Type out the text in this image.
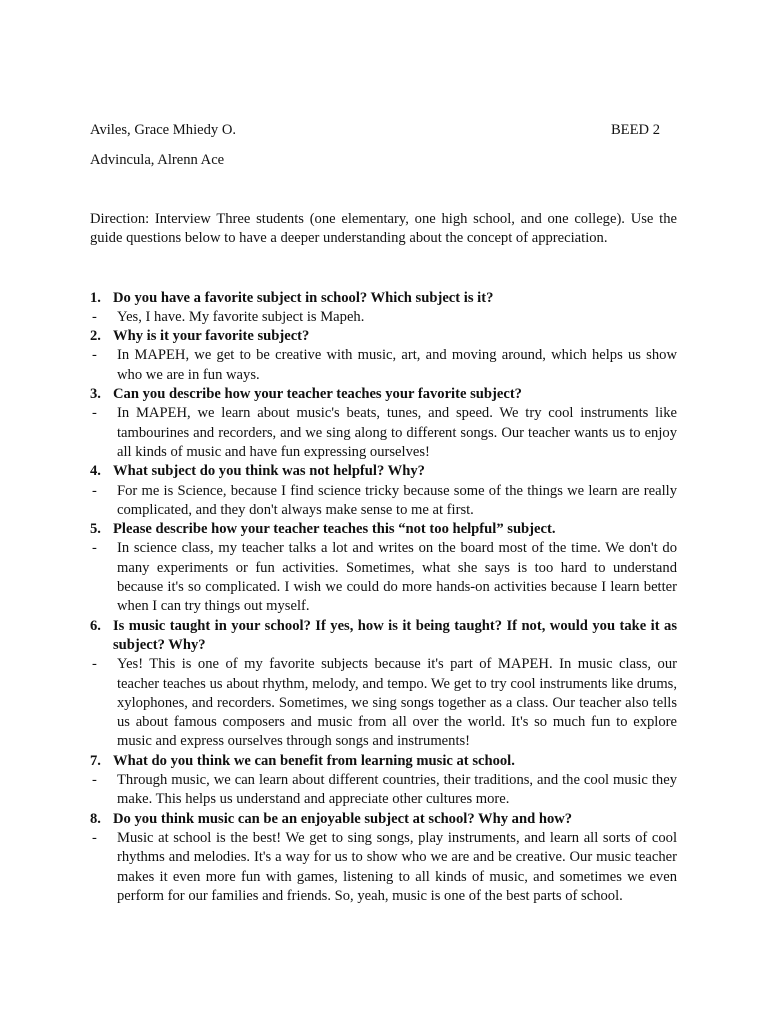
Aviles, Grace Mhiedy O.	BEED 2
Advincula, Alrenn Ace
Direction: Interview Three students (one elementary, one high school, and one college). Use the guide questions below to have a deeper understanding about the concept of appreciation.
1. Do you have a favorite subject in school? Which subject is it?
- Yes, I have. My favorite subject is Mapeh.
2. Why is it your favorite subject?
- In MAPEH, we get to be creative with music, art, and moving around, which helps us show who we are in fun ways.
3. Can you describe how your teacher teaches your favorite subject?
- In MAPEH, we learn about music's beats, tunes, and speed. We try cool instruments like tambourines and recorders, and we sing along to different songs. Our teacher wants us to enjoy all kinds of music and have fun expressing ourselves!
4. What subject do you think was not helpful? Why?
- For me is Science, because I find science tricky because some of the things we learn are really complicated, and they don't always make sense to me at first.
5. Please describe how your teacher teaches this “not too helpful” subject.
- In science class, my teacher talks a lot and writes on the board most of the time. We don't do many experiments or fun activities. Sometimes, what she says is too hard to understand because it's so complicated. I wish we could do more hands-on activities because I learn better when I can try things out myself.
6. Is music taught in your school? If yes, how is it being taught? If not, would you take it as subject? Why?
- Yes! This is one of my favorite subjects because it's part of MAPEH. In music class, our teacher teaches us about rhythm, melody, and tempo. We get to try cool instruments like drums, xylophones, and recorders. Sometimes, we sing songs together as a class. Our teacher also tells us about famous composers and music from all over the world. It's so much fun to explore music and express ourselves through songs and instruments!
7. What do you think we can benefit from learning music at school.
- Through music, we can learn about different countries, their traditions, and the cool music they make. This helps us understand and appreciate other cultures more.
8. Do you think music can be an enjoyable subject at school? Why and how?
- Music at school is the best! We get to sing songs, play instruments, and learn all sorts of cool rhythms and melodies. It's a way for us to show who we are and be creative. Our music teacher makes it even more fun with games, listening to all kinds of music, and sometimes we even perform for our families and friends. So, yeah, music is one of the best parts of school.
